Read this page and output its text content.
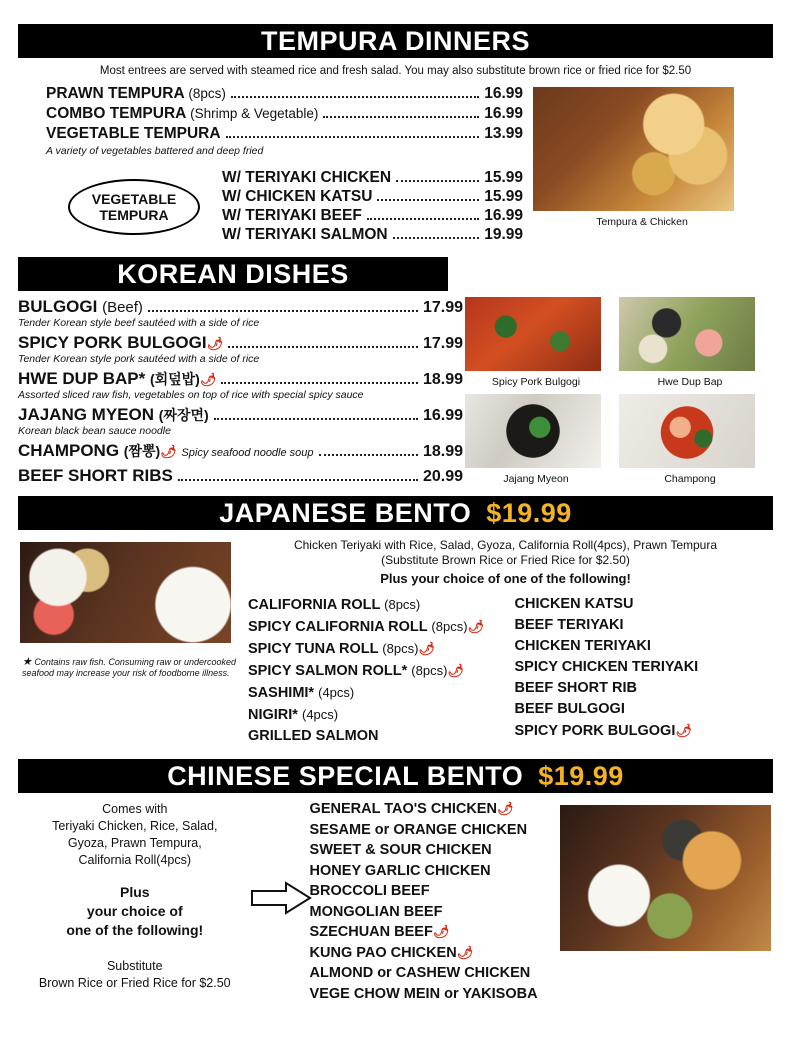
TEMPURA DINNERS
Most entrees are served with steamed rice and fresh salad. You may also substitute brown rice or fried rice for $2.50
PRAWN TEMPURA (8pcs)	16.99
COMBO TEMPURA (Shrimp & Vegetable)	16.99
VEGETABLE TEMPURA	13.99
A variety of vegetables battered and deep fried
VEGETABLE
TEMPURA
W/ TERIYAKI CHICKEN	15.99
W/ CHICKEN KATSU	15.99
W/ TERIYAKI BEEF	16.99
W/ TERIYAKI SALMON	19.99
Tempura & Chicken
KOREAN DISHES
BULGOGI (Beef)	17.99
Tender Korean style beef sautéed with a side of rice
SPICY PORK BULGOGI🌶	17.99
Tender Korean style pork sautéed with a side of rice
HWE DUP BAP* (회덮밥)🌶	18.99
Assorted sliced raw fish, vegetables on top of rice with special spicy sauce
JAJANG MYEON (짜장면)	16.99
Korean black bean sauce noodle
CHAMPONG (짬뽕)🌶 Spicy seafood noodle soup	18.99
BEEF SHORT RIBS	20.99
Spicy Pork Bulgogi	Hwe Dup Bap
Jajang Myeon	Champong
JAPANESE BENTO $19.99
★ Contains raw fish. Consuming raw or undercooked seafood may increase your risk of foodborne illness.
Chicken Teriyaki with Rice, Salad, Gyoza, California Roll(4pcs), Prawn Tempura
(Substitute Brown Rice or Fried Rice for $2.50)
Plus your choice of one of the following!
CALIFORNIA ROLL (8pcs)
SPICY CALIFORNIA ROLL (8pcs)🌶
SPICY TUNA ROLL (8pcs)🌶
SPICY SALMON ROLL* (8pcs)🌶
SASHIMI* (4pcs)
NIGIRI* (4pcs)
GRILLED SALMON
CHICKEN KATSU
BEEF TERIYAKI
CHICKEN TERIYAKI
SPICY CHICKEN TERIYAKI
BEEF SHORT RIB
BEEF BULGOGI
SPICY PORK BULGOGI🌶
CHINESE SPECIAL BENTO $19.99
Comes with
Teriyaki Chicken, Rice, Salad,
Gyoza, Prawn Tempura,
California Roll(4pcs)
Plus
your choice of
one of the following!
Substitute
Brown Rice or Fried Rice for $2.50
GENERAL TAO'S CHICKEN🌶
SESAME or ORANGE CHICKEN
SWEET & SOUR CHICKEN
HONEY GARLIC CHICKEN
BROCCOLI BEEF
MONGOLIAN BEEF
SZECHUAN BEEF🌶
KUNG PAO CHICKEN🌶
ALMOND or CASHEW CHICKEN
VEGE CHOW MEIN or YAKISOBA
